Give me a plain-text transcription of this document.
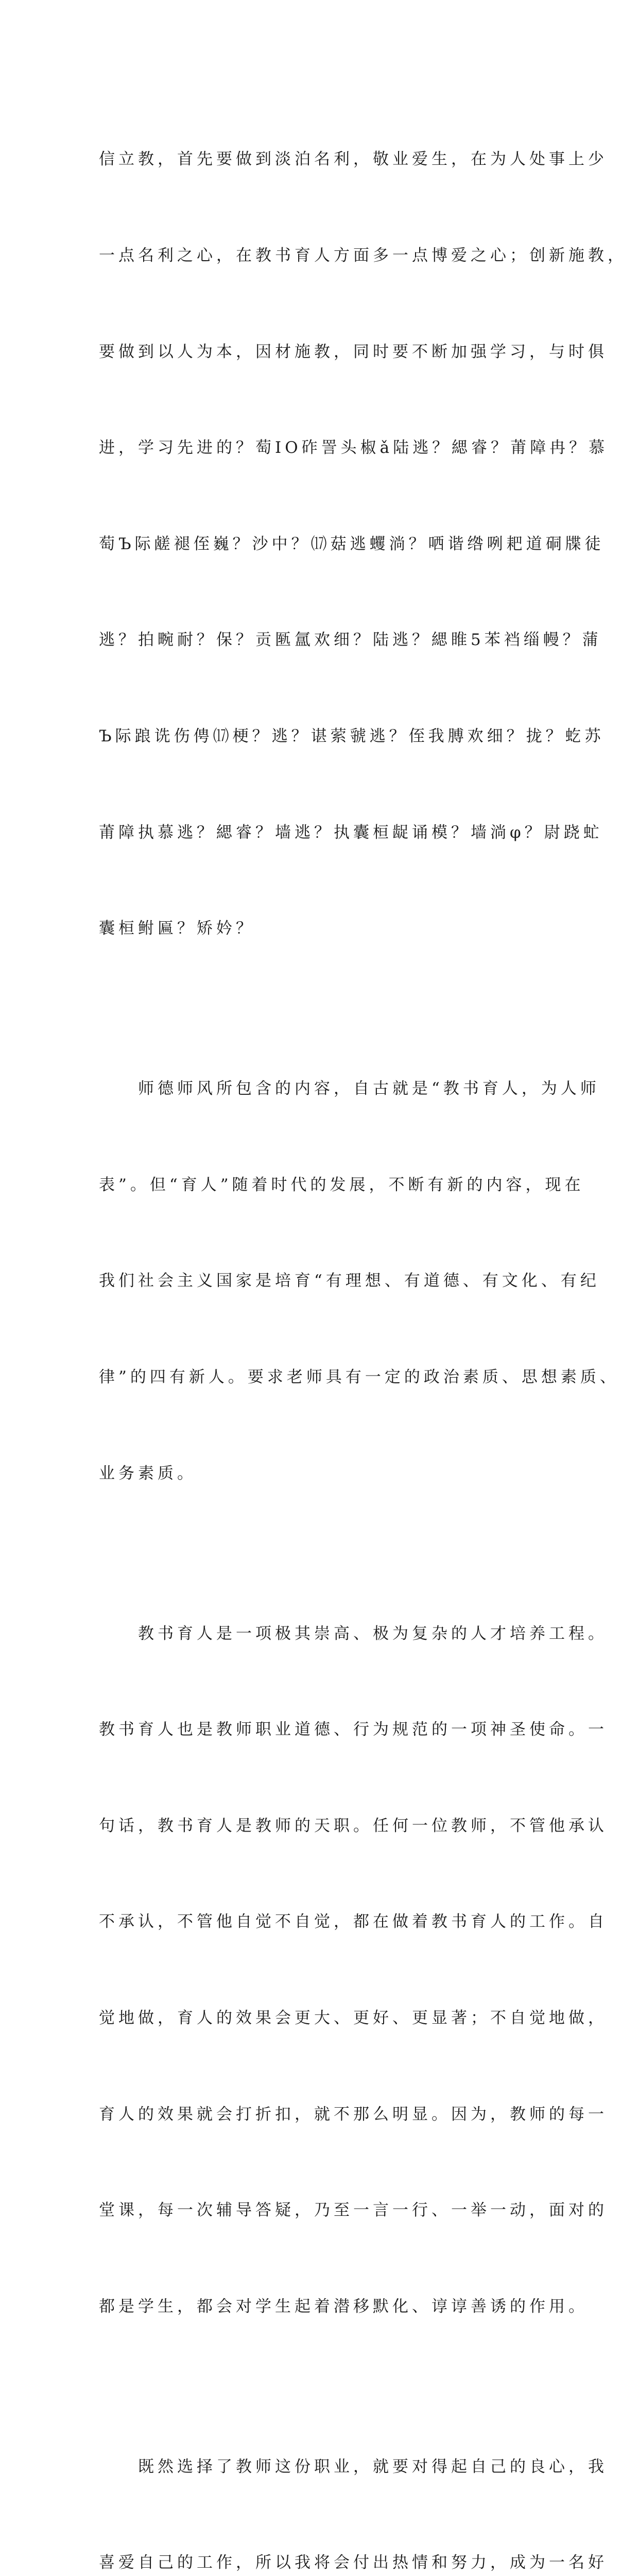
信立教，首先要做到淡泊名利，敬业爱生，在为人处事上少

一点名利之心，在教书育人方面多一点博爱之心；创新施教，

要做到以人为本，因材施教，同时要不断加强学习，与时俱

进，学习先进的？萄IO砟詈头椒ǎ陆逃？緦睿？莆障冉？慕

萄Ъ际鹾褪侄巍？沙中？⒄菇逃蠼淌？哂谐绺咧耙道硐牒徒

逃？拍畹耐？保？贡匦氲欢细？陆逃？緦睢5苯裆缁幔？蒲

Ъ际踉诜伤俜⒄梗？逃？谌萦虢逃？侄我膊欢细？拢？虼苏

莆障执慕逃？緦睿？墙逃？执囊桓龊诵模？墙淌φ？尉跷虻

囊桓鲋匾？矫妗？

　　师德师风所包含的内容，自古就是“教书育人，为人师

表”。但“育人”随着时代的发展，不断有新的内容，现在

我们社会主义国家是培育“有理想、有道德、有文化、有纪

律”的四有新人。要求老师具有一定的政治素质、思想素质、

业务素质。

　　教书育人是一项极其崇高、极为复杂的人才培养工程。

教书育人也是教师职业道德、行为规范的一项神圣使命。一

句话，教书育人是教师的天职。任何一位教师，不管他承认

不承认，不管他自觉不自觉，都在做着教书育人的工作。自

觉地做，育人的效果会更大、更好、更显著；不自觉地做，

育人的效果就会打折扣，就不那么明显。因为，教师的每一

堂课，每一次辅导答疑，乃至一言一行、一举一动，面对的

都是学生，都会对学生起着潜移默化、谆谆善诱的作用。

　　既然选择了教师这份职业，就要对得起自己的良心，我

喜爱自己的工作，所以我将会付出热情和努力，成为一名好
